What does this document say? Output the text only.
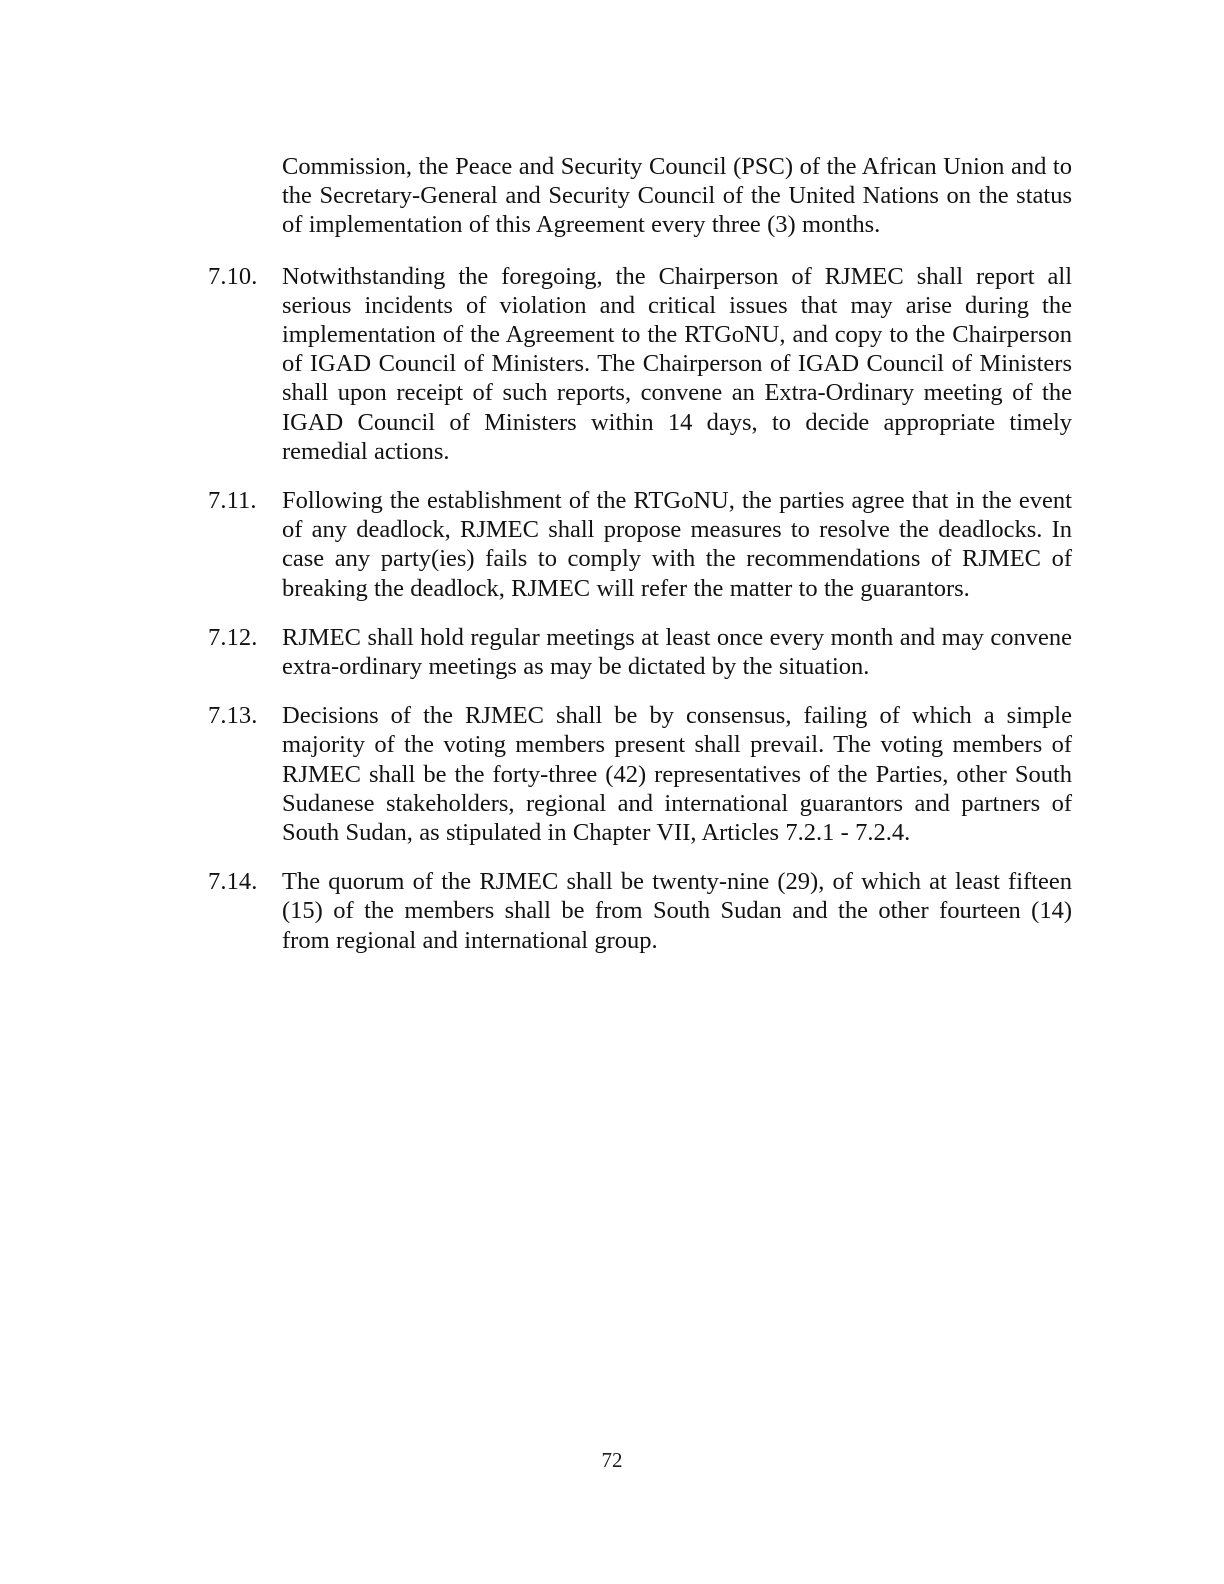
Commission, the Peace and Security Council (PSC) of the African Union and to the Secretary-General and Security Council of the United Nations on the status of implementation of this Agreement every three (3) months.
7.10.	Notwithstanding the foregoing, the Chairperson of RJMEC shall report all serious incidents of violation and critical issues that may arise during the implementation of the Agreement to the RTGoNU, and copy to the Chairperson of IGAD Council of Ministers. The Chairperson of IGAD Council of Ministers shall upon receipt of such reports, convene an Extra-Ordinary meeting of the IGAD Council of Ministers within 14 days, to decide appropriate timely remedial actions.
7.11.	Following the establishment of the RTGoNU, the parties agree that in the event of any deadlock, RJMEC shall propose measures to resolve the deadlocks. In case any party(ies) fails to comply with the recommendations of RJMEC of breaking the deadlock, RJMEC will refer the matter to the guarantors.
7.12.	RJMEC shall hold regular meetings at least once every month and may convene extra-ordinary meetings as may be dictated by the situation.
7.13.	Decisions of the RJMEC shall be by consensus, failing of which a simple majority of the voting members present shall prevail. The voting members of RJMEC shall be the forty-three (42) representatives of the Parties, other South Sudanese stakeholders, regional and international guarantors and partners of South Sudan, as stipulated in Chapter VII, Articles 7.2.1 - 7.2.4.
7.14.	The quorum of the RJMEC shall be twenty-nine (29), of which at least fifteen (15) of the members shall be from South Sudan and the other fourteen (14) from regional and international group.
72
